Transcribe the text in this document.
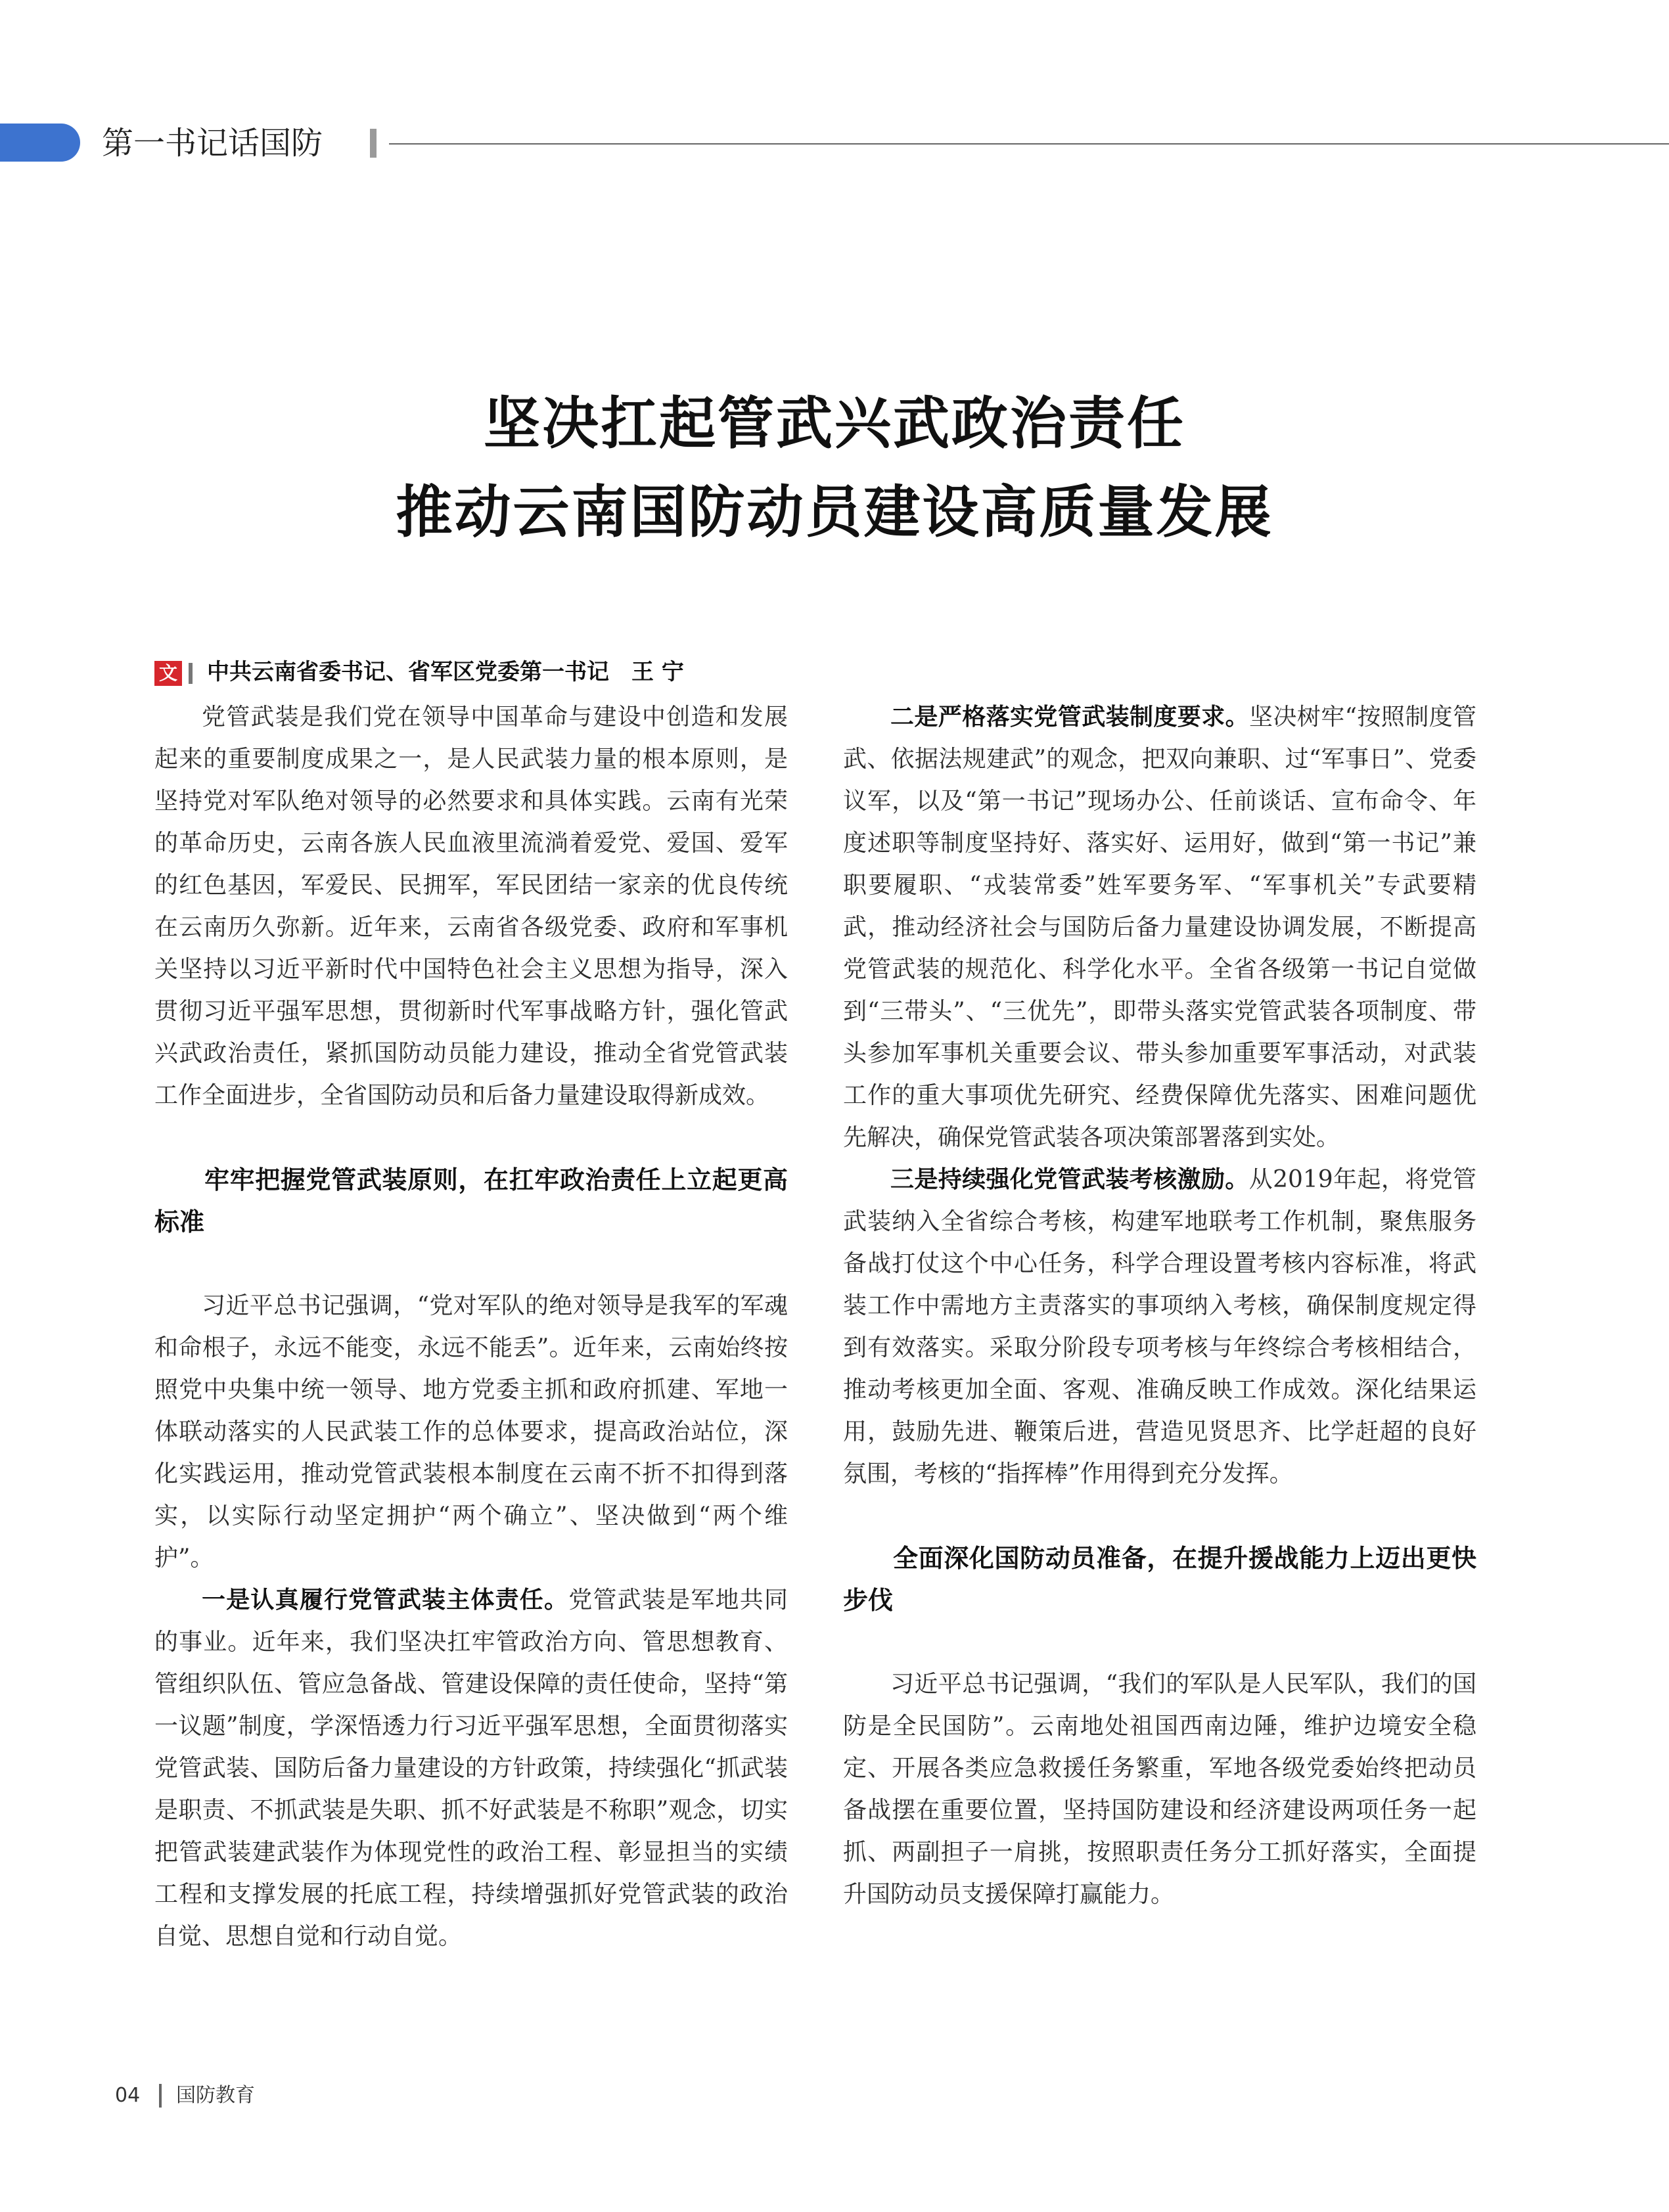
第一书记话国防
坚决扛起管武兴武政治责任
推动云南国防动员建设高质量发展
文 中共云南省委书记、省军区党委第一书记　王 宁

党管武装是我们党在领导中国革命与建设中创造和发展起来的重要制度成果之一，是人民武装力量的根本原则，是坚持党对军队绝对领导的必然要求和具体实践。云南有光荣的革命历史，云南各族人民血液里流淌着爱党、爱国、爱军的红色基因，军爱民、民拥军，军民团结一家亲的优良传统在云南历久弥新。近年来，云南省各级党委、政府和军事机关坚持以习近平新时代中国特色社会主义思想为指导，深入贯彻习近平强军思想，贯彻新时代军事战略方针，强化管武兴武政治责任，紧抓国防动员能力建设，推动全省党管武装工作全面进步，全省国防动员和后备力量建设取得新成效。

牢牢把握党管武装原则，在扛牢政治责任上立起更高标准

习近平总书记强调，“党对军队的绝对领导是我军的军魂和命根子，永远不能变，永远不能丢”。近年来，云南始终按照党中央集中统一领导、地方党委主抓和政府抓建、军地一体联动落实的人民武装工作的总体要求，提高政治站位，深化实践运用，推动党管武装根本制度在云南不折不扣得到落实，以实际行动坚定拥护“两个确立”、坚决做到“两个维护”。

一是认真履行党管武装主体责任。党管武装是军地共同的事业。近年来，我们坚决扛牢管政治方向、管思想教育、管组织队伍、管应急备战、管建设保障的责任使命，坚持“第一议题”制度，学深悟透力行习近平强军思想，全面贯彻落实党管武装、国防后备力量建设的方针政策，持续强化“抓武装是职责、不抓武装是失职、抓不好武装是不称职”观念，切实把管武装建武装作为体现党性的政治工程、彰显担当的实绩工程和支撑发展的托底工程，持续增强抓好党管武装的政治自觉、思想自觉和行动自觉。

二是严格落实党管武装制度要求。坚决树牢“按照制度管武、依据法规建武”的观念，把双向兼职、过“军事日”、党委议军，以及“第一书记”现场办公、任前谈话、宣布命令、年度述职等制度坚持好、落实好、运用好，做到“第一书记”兼职要履职、“戎装常委”姓军要务军、“军事机关”专武要精武，推动经济社会与国防后备力量建设协调发展，不断提高党管武装的规范化、科学化水平。全省各级第一书记自觉做到“三带头”、“三优先”，即带头落实党管武装各项制度、带头参加军事机关重要会议、带头参加重要军事活动，对武装工作的重大事项优先研究、经费保障优先落实、困难问题优先解决，确保党管武装各项决策部署落到实处。

三是持续强化党管武装考核激励。从2019年起，将党管武装纳入全省综合考核，构建军地联考工作机制，聚焦服务备战打仗这个中心任务，科学合理设置考核内容标准，将武装工作中需地方主责落实的事项纳入考核，确保制度规定得到有效落实。采取分阶段专项考核与年终综合考核相结合，推动考核更加全面、客观、准确反映工作成效。深化结果运用，鼓励先进、鞭策后进，营造见贤思齐、比学赶超的良好氛围，考核的“指挥棒”作用得到充分发挥。

全面深化国防动员准备，在提升援战能力上迈出更快步伐

习近平总书记强调，“我们的军队是人民军队，我们的国防是全民国防”。云南地处祖国西南边陲，维护边境安全稳定、开展各类应急救援任务繁重，军地各级党委始终把动员备战摆在重要位置，坚持国防建设和经济建设两项任务一起抓、两副担子一肩挑，按照职责任务分工抓好落实，全面提升国防动员支援保障打赢能力。

04 国防教育
